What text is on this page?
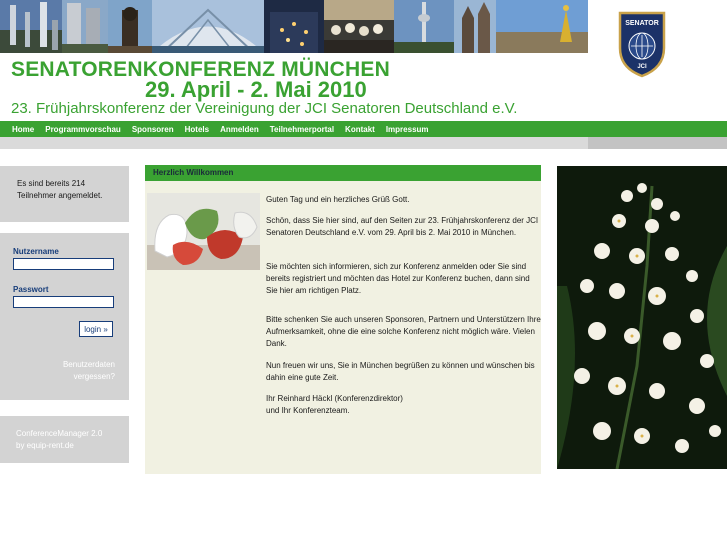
SENATORENKONFERENZ MÜNCHEN
29. April - 2. Mai 2010
23. Frühjahrskonferenz der Vereinigung der JCI Senatoren Deutschland e.V.
SENATOR
JCI
Home Programmvorschau Sponsoren Hotels Anmelden Teilnehmerportal Kontakt Impressum
Es sind bereits 214 Teilnehmer angemeldet.
Nutzername
Passwort
login »
Benutzerdaten vergessen?
ConferenceManager 2.0
by equip-rent.de
Herzlich Willkommen

Guten Tag und ein herzliches Grüß Gott.

Schön, dass Sie hier sind, auf den Seiten zur 23. Frühjahrskonferenz der JCI Senatoren Deutschland e.V. vom 29. April bis 2. Mai 2010 in München.

Sie möchten sich informieren, sich zur Konferenz anmelden oder Sie sind bereits registriert und möchten das Hotel zur Konferenz buchen, dann sind Sie hier am richtigen Platz.

Bitte schenken Sie auch unseren Sponsoren, Partnern und Unterstützern Ihre Aufmerksamkeit, ohne die eine solche Konferenz nicht möglich wäre. Vielen Dank.

Nun freuen wir uns, Sie in München begrüßen zu können und wünschen bis dahin eine gute Zeit.

Ihr Reinhard Häckl (Konferenzdirektor)

und Ihr Konferenzteam.
